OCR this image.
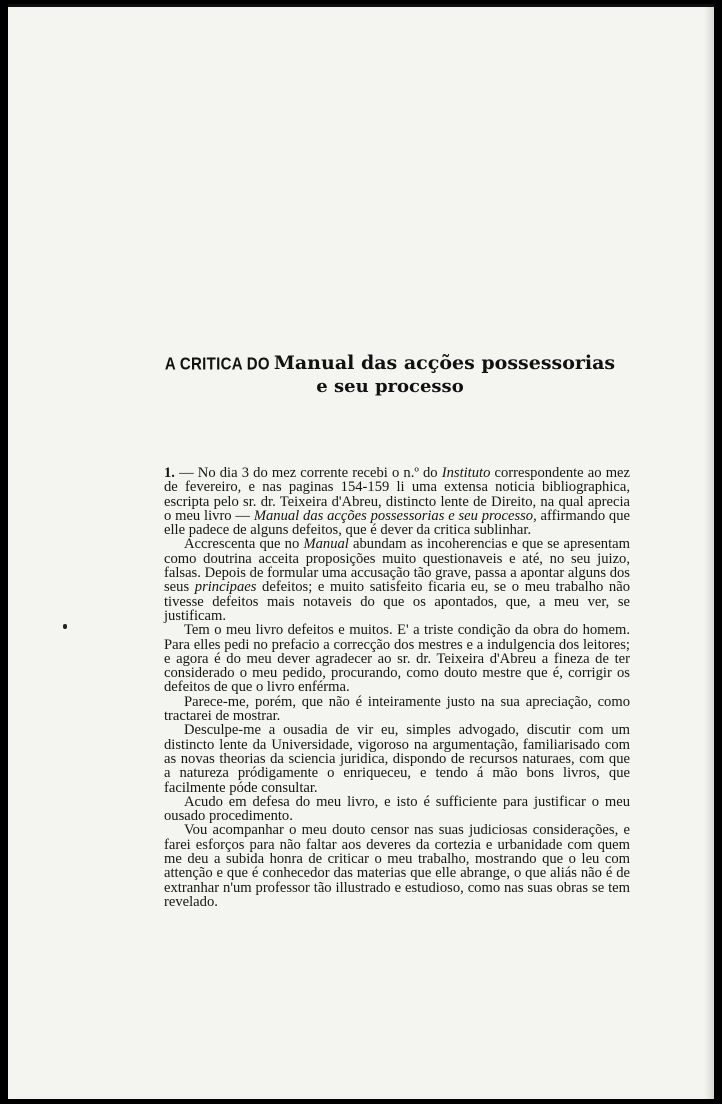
A CRITICA DO Manual das acções possessorias
e seu processo

1. — No dia 3 do mez corrente recebi o n.º do Instituto correspondente ao mez de fevereiro, e nas paginas 154-159 li uma extensa noticia bibliographica, escripta pelo sr. dr. Teixeira d'Abreu, distincto lente de Direito, na qual aprecia o meu livro — Manual das acções possessorias e seu processo, affirmando que elle padece de alguns defeitos, que é dever da critica sublinhar.

Accrescenta que no Manual abundam as incoherencias e que se apresentam como doutrina acceita proposições muito questionaveis e até, no seu juizo, falsas. Depois de formular uma accusação tão grave, passa a apontar alguns dos seus principaes defeitos; e muito satisfeito ficaria eu, se o meu trabalho não tivesse defeitos mais notaveis do que os apontados, que, a meu ver, se justificam.

Tem o meu livro defeitos e muitos. E' a triste condição da obra do homem. Para elles pedi no prefacio a correcção dos mestres e a indulgencia dos leitores; e agora é do meu dever agradecer ao sr. dr. Teixeira d'Abreu a fineza de ter considerado o meu pedido, procurando, como douto mestre que é, corrigir os defeitos de que o livro enférma.

Parece-me, porém, que não é inteiramente justo na sua apreciação, como tractarei de mostrar.

Desculpe-me a ousadia de vir eu, simples advogado, discutir com um distincto lente da Universidade, vigoroso na argumentação, familiarisado com as novas theorias da sciencia juridica, dispondo de recursos naturaes, com que a natureza pródigamente o enriqueceu, e tendo á mão bons livros, que facilmente póde consultar.

Acudo em defesa do meu livro, e isto é sufficiente para justificar o meu ousado procedimento.

Vou acompanhar o meu douto censor nas suas judiciosas considerações, e farei esforços para não faltar aos deveres da cortezia e urbanidade com quem me deu a subida honra de criticar o meu trabalho, mostrando que o leu com attenção e que é conhecedor das materias que elle abrange, o que aliás não é de extranhar n'um professor tão illustrado e estudioso, como nas suas obras se tem revelado.
